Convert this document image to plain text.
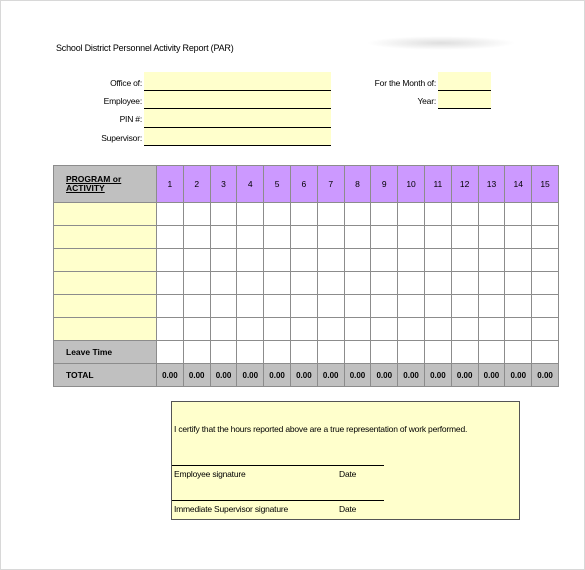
School District Personnel Activity Report (PAR)
Office of:
Employee:
PIN #:
Supervisor:
For the Month of:
Year:
PROGRAM or
ACTIVITY	1	2	3	4	5	6	7	8	9	10	11	12	13	14	15

Leave Time															
TOTAL	0.00	0.00	0.00	0.00	0.00	0.00	0.00	0.00	0.00	0.00	0.00	0.00	0.00	0.00	0.00
I certify that the hours reported above are a true representation of work performed.
Employee signature	Date
Immediate Supervisor signature	Date
